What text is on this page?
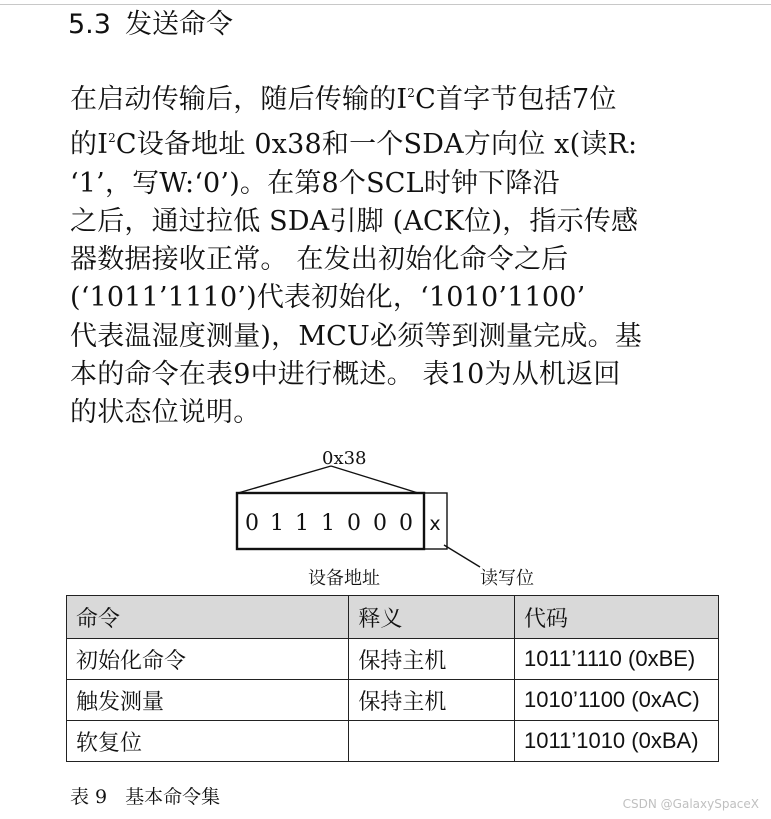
5.3 发送命令
在启动传输后，随后传输的$I^2C$首字节包括7位
的$I^2C$设备地址 0x38和一个SDA方向位 x(读R:
‘1’，写W:‘0’)。在第8个SCL时钟下降沿
之后，通过拉低 SDA引脚 (ACK位)，指示传感
器数据接收正常。 在发出初始化命令之后
(‘1011’1110’)代表初始化，‘1010’1100’
代表温湿度测量)，MCU必须等到测量完成。基
本的命令在表9中进行概述。 表10为从机返回
的状态位说明。
0x38
0 1 1 1 0 0 0 x
设备地址	读写位
命令	释义	代码
初始化命令	保持主机	1011’1110 (0xBE)
触发测量	保持主机	1010’1100 (0xAC)
软复位		1011’1010 (0xBA)
表 9 基本命令集	CSDN @GalaxySpaceX
